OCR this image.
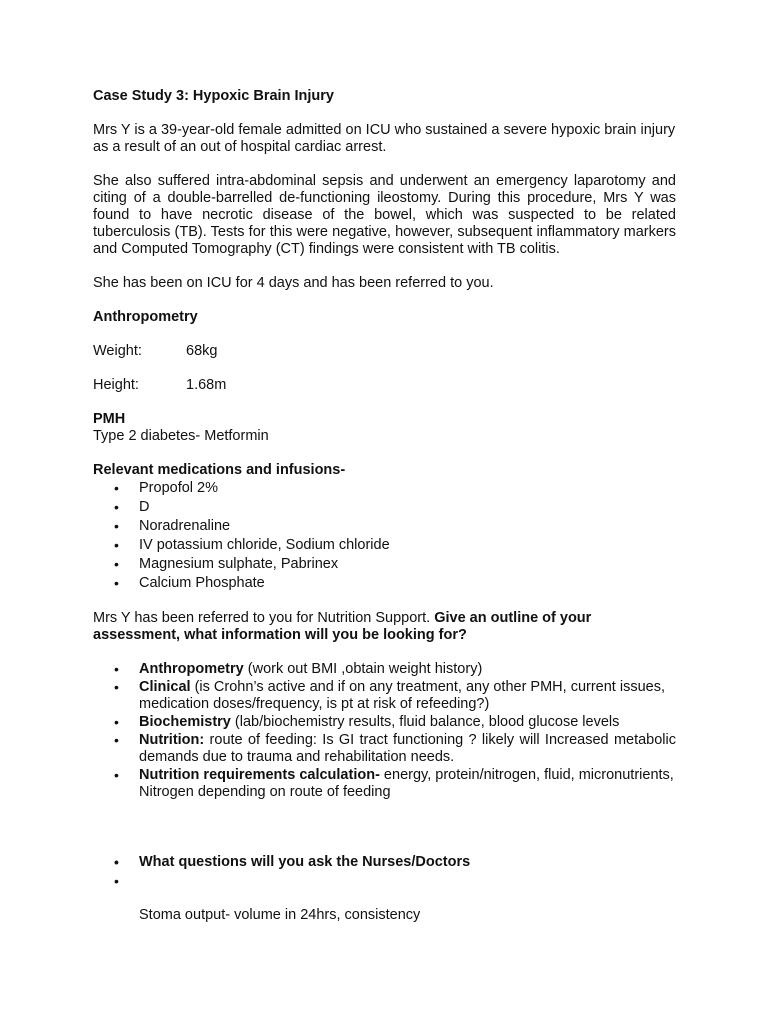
Case Study 3: Hypoxic Brain Injury

Mrs Y is a 39-year-old female admitted on ICU who sustained a severe hypoxic brain injury as a result of an out of hospital cardiac arrest.

She also suffered intra-abdominal sepsis and underwent an emergency laparotomy and citing of a double-barrelled de-functioning ileostomy. During this procedure, Mrs Y was found to have necrotic disease of the bowel, which was suspected to be related tuberculosis (TB). Tests for this were negative, however, subsequent inflammatory markers and Computed Tomography (CT) findings were consistent with TB colitis.

She has been on ICU for 4 days and has been referred to you.

Anthropometry

Weight:	68kg
Height:	1.68m

PMH

Type 2 diabetes- Metformin

Relevant medications and infusions-

• Propofol 2%
• D
• Noradrenaline
• IV potassium chloride, Sodium chloride
• Magnesium sulphate, Pabrinex
• Calcium Phosphate

Mrs Y has been referred to you for Nutrition Support. Give an outline of your assessment, what information will you be looking for?

• Anthropometry (work out BMI ,obtain weight history)
• Clinical (is Crohn’s active and if on any treatment, any other PMH, current issues, medication doses/frequency, is pt at risk of refeeding?)
• Biochemistry (lab/biochemistry results, fluid balance, blood glucose levels
• Nutrition: route of feeding: Is GI tract functioning ? likely will Increased metabolic demands due to trauma and rehabilitation needs.
• Nutrition requirements calculation- energy, protein/nitrogen, fluid, micronutrients, Nitrogen depending on route of feeding
• What questions will you ask the Nurses/Doctors
•

Stoma output- volume in 24hrs, consistency
